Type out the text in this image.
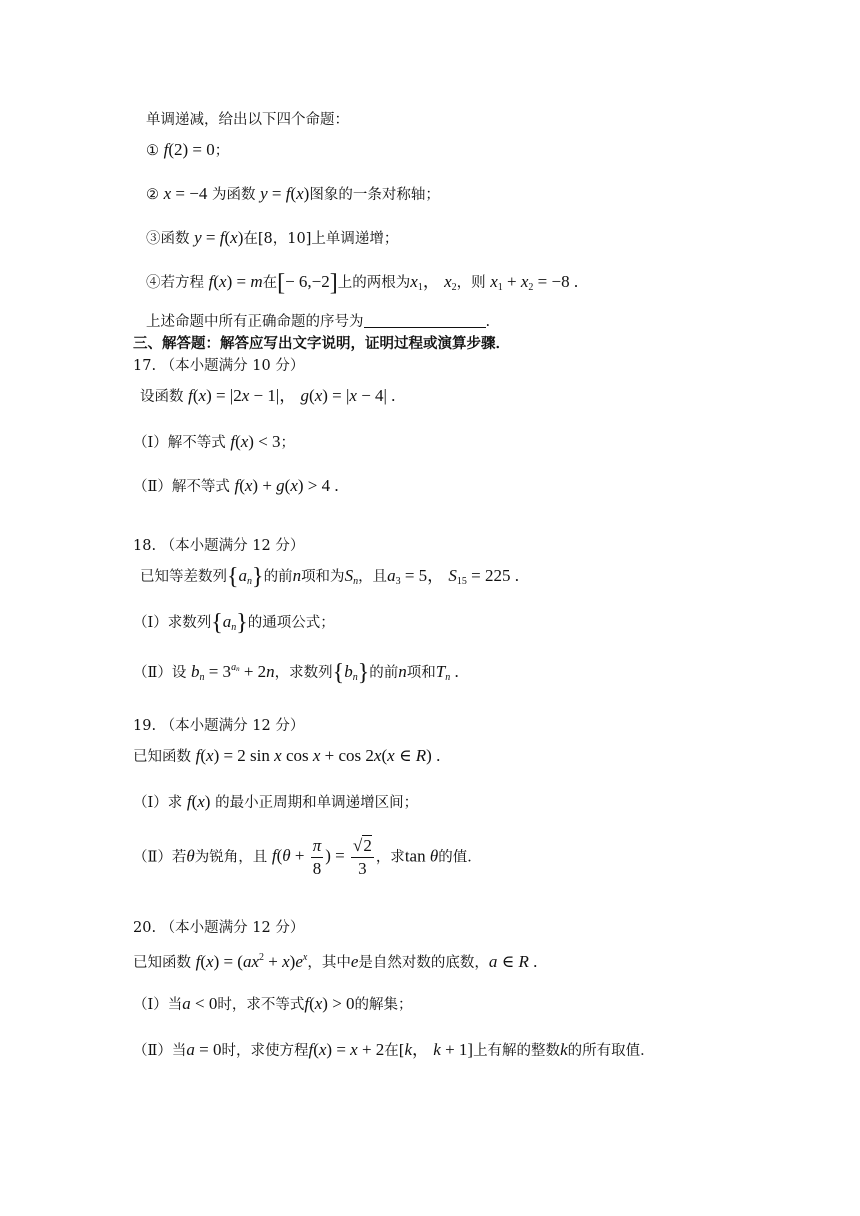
单调递减，给出以下四个命题：
① f(2) = 0；
② x = −4 为函数 y = f(x)图象的一条对称轴；
③函数 y = f(x)在[8，10]上单调递增；
④若方程 f(x) = m在[− 6,−2]上的两根为$x_1$， $x_2$，则 $x_1 + x_2 = -8$ .
上述命题中所有正确命题的序号为	.
三、解答题：解答应写出文字说明，证明过程或演算步骤．
17. （本小题满分 10 分）
设函数 f(x) = |2x − 1|， g(x) = |x − 4| .
（Ⅰ）解不等式 f(x) < 3；
（Ⅱ）解不等式 f(x) + g(x) > 4 .
18. （本小题满分 12 分）
已知等差数列$\{a_n\}$的前n项和为$S_n$，且$a_3 = 5$， $S_{15} = 225$ .
（Ⅰ）求数列$\{a_n\}$的通项公式；
（Ⅱ）设 $b_n = 3^{an} + 2n$，求数列$\{b_n\}$的前n项和$T_n$ .
19. （本小题满分 12 分）
已知函数 f(x) = 2 sin x cos x + cos 2x(x ∈ R) .
（Ⅰ）求 f(x) 的最小正周期和单调递增区间；
（Ⅱ）若θ为锐角，且 $f(\theta + \frac{\pi}{8}$ ) = $\frac{√2}{3}$ ，求tan θ的值．
20. （本小题满分 12 分）
已知函数 $f(x) = (ax^2 + x)e^x$，其中e是自然对数的底数，a ∈ R .
（Ⅰ）当a < 0时，求不等式f(x) > 0的解集；
（Ⅱ）当a = 0时，求使方程f(x) = x + 2在[k， k + 1]上有解的整数k的所有取值．
